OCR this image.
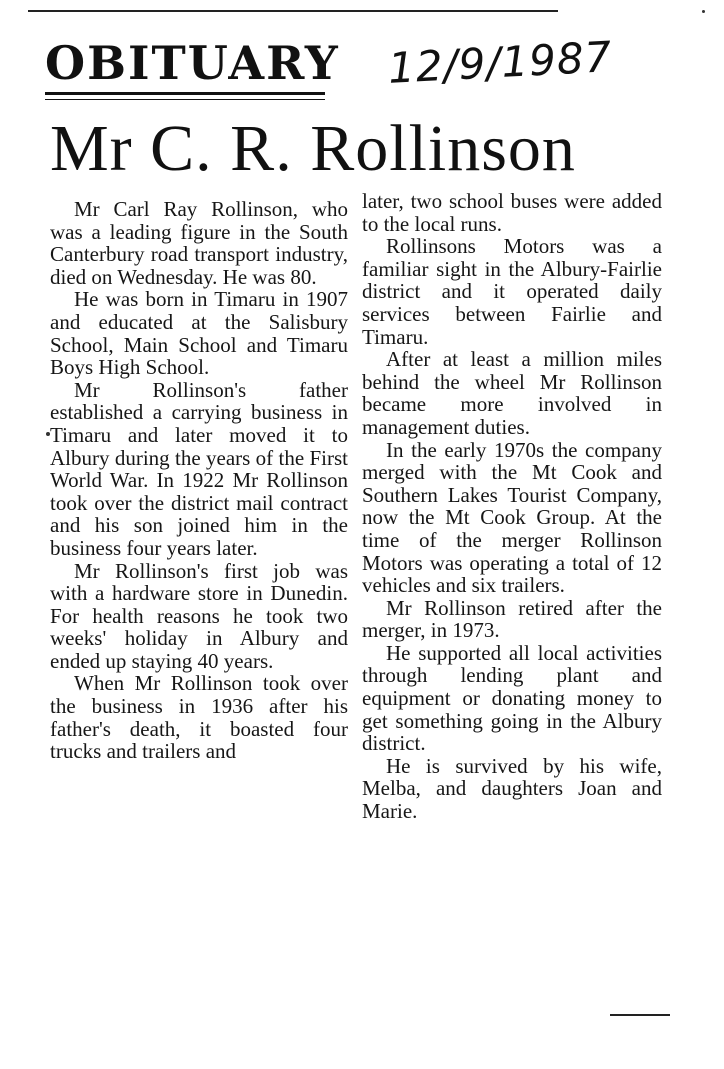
OBITUARY 12/9/1987
Mr C. R. Rollinson

Mr Carl Ray Rollinson, who was a leading figure in the South Canterbury road transport industry, died on Wednesday. He was 80.

He was born in Timaru in 1907 and educated at the Salisbury School, Main School and Timaru Boys High School.

Mr Rollinson's father established a carrying business in Timaru and later moved it to Albury during the years of the First World War. In 1922 Mr Rollinson took over the district mail contract and his son joined him in the business four years later.

Mr Rollinson's first job was with a hardware store in Dunedin. For health reasons he took two weeks' holiday in Albury and ended up staying 40 years.

When Mr Rollinson took over the business in 1936 after his father's death, it boasted four trucks and trailers and

later, two school buses were added to the local runs.

Rollinsons Motors was a familiar sight in the Albury-Fairlie district and it operated daily services between Fairlie and Timaru.

After at least a million miles behind the wheel Mr Rollinson became more involved in management duties.

In the early 1970s the company merged with the Mt Cook and Southern Lakes Tourist Company, now the Mt Cook Group. At the time of the merger Rollinson Motors was operating a total of 12 vehicles and six trailers.

Mr Rollinson retired after the merger, in 1973.

He supported all local activities through lending plant and equipment or donating money to get something going in the Albury district.

He is survived by his wife, Melba, and daughters Joan and Marie.
